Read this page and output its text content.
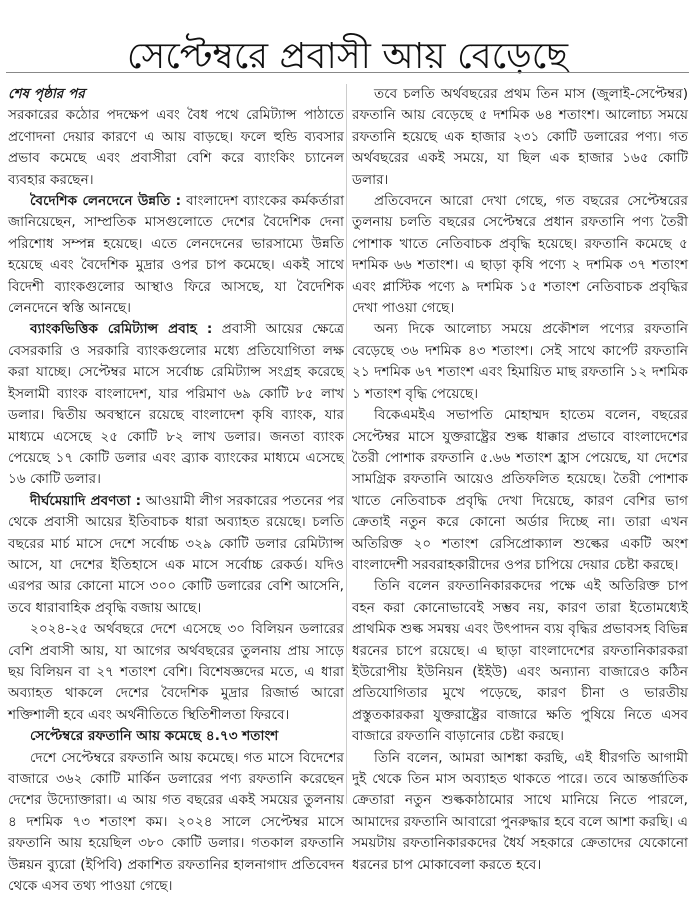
সেপ্টেম্বরে প্রবাসী আয় বেড়েছে

শেষ পৃষ্ঠার পর

সরকারের কঠোর পদক্ষেপ এবং বৈধ পথে রেমিট্যান্স পাঠাতে প্রণোদনা দেয়ার কারণে এ আয় বাড়ছে। ফলে হুন্ডি ব্যবসার প্রভাব কমেছে এবং প্রবাসীরা বেশি করে ব্যাংকিং চ্যানেল ব্যবহার করছেন।

বৈদেশিক লেনদেনে উন্নতি : বাংলাদেশ ব্যাংকের কর্মকর্তারা জানিয়েছেন, সাম্প্রতিক মাসগুলোতে দেশের বৈদেশিক দেনা পরিশোধ সম্পন্ন হয়েছে। এতে লেনদেনের ভারসাম্যে উন্নতি হয়েছে এবং বৈদেশিক মুদ্রার ওপর চাপ কমেছে। একই সাথে বিদেশী ব্যাংকগুলোর আস্থাও ফিরে আসছে, যা বৈদেশিক লেনদেনে স্বস্তি আনছে।

ব্যাংকভিত্তিক রেমিট্যান্স প্রবাহ : প্রবাসী আয়ের ক্ষেত্রে বেসরকারি ও সরকারি ব্যাংকগুলোর মধ্যে প্রতিযোগিতা লক্ষ করা যাচ্ছে। সেপ্টেম্বর মাসে সর্বোচ্চ রেমিট্যান্স সংগ্রহ করেছে ইসলামী ব্যাংক বাংলাদেশ, যার পরিমাণ ৬৯ কোটি ৮৫ লাখ ডলার। দ্বিতীয় অবস্থানে রয়েছে বাংলাদেশ কৃষি ব্যাংক, যার মাধ্যমে এসেছে ২৫ কোটি ৮২ লাখ ডলার। জনতা ব্যাংক পেয়েছে ১৭ কোটি ডলার এবং ব্র্যাক ব্যাংকের মাধ্যমে এসেছে ১৬ কোটি ডলার।

দীর্ঘমেয়াদি প্রবণতা : আওয়ামী লীগ সরকারের পতনের পর থেকে প্রবাসী আয়ের ইতিবাচক ধারা অব্যাহত রয়েছে। চলতি বছরের মার্চ মাসে দেশে সর্বোচ্চ ৩২৯ কোটি ডলার রেমিট্যান্স আসে, যা দেশের ইতিহাসে এক মাসে সর্বোচ্চ রেকর্ড। যদিও এরপর আর কোনো মাসে ৩০০ কোটি ডলারের বেশি আসেনি, তবে ধারাবাহিক প্রবৃদ্ধি বজায় আছে।

২০২৪-২৫ অর্থবছরে দেশে এসেছে ৩০ বিলিয়ন ডলারের বেশি প্রবাসী আয়, যা আগের অর্থবছরের তুলনায় প্রায় সাড়ে ছয় বিলিয়ন বা ২৭ শতাংশ বেশি। বিশেষজ্ঞদের মতে, এ ধারা অব্যাহত থাকলে দেশের বৈদেশিক মুদ্রার রিজার্ভ আরো শক্তিশালী হবে এবং অর্থনীতিতে স্থিতিশীলতা ফিরবে।

সেপ্টেম্বরে রফতানি আয় কমেছে ৪.৭৩ শতাংশ

দেশে সেপ্টেম্বরে রফতানি আয় কমেছে। গত মাসে বিদেশের বাজারে ৩৬২ কোটি মার্কিন ডলারের পণ্য রফতানি করেছেন দেশের উদ্যোক্তারা। এ আয় গত বছরের একই সময়ের তুলনায় ৪ দশমিক ৭৩ শতাংশ কম। ২০২৪ সালে সেপ্টেম্বর মাসে রফতানি আয় হয়েছিল ৩৮০ কোটি ডলার। গতকাল রফতানি উন্নয়ন ব্যুরো (ইপিবি) প্রকাশিত রফতানির হালনাগাদ প্রতিবেদন থেকে এসব তথ্য পাওয়া গেছে।

তবে চলতি অর্থবছরের প্রথম তিন মাস (জুলাই-সেপ্টেম্বর) রফতানি আয় বেড়েছে ৫ দশমিক ৬৪ শতাংশ। আলোচ্য সময়ে রফতানি হয়েছে এক হাজার ২৩১ কোটি ডলারের পণ্য। গত অর্থবছরের একই সময়ে, যা ছিল এক হাজার ১৬৫ কোটি ডলার।

প্রতিবেদনে আরো দেখা গেছে, গত বছরের সেপ্টেম্বরের তুলনায় চলতি বছরের সেপ্টেম্বরে প্রধান রফতানি পণ্য তৈরী পোশাক খাতে নেতিবাচক প্রবৃদ্ধি হয়েছে। রফতানি কমেছে ৫ দশমিক ৬৬ শতাংশ। এ ছাড়া কৃষি পণ্যে ২ দশমিক ৩৭ শতাংশ এবং প্লাস্টিক পণ্যে ৯ দশমিক ১৫ শতাংশ নেতিবাচক প্রবৃদ্ধির দেখা পাওয়া গেছে।

অন্য দিকে আলোচ্য সময়ে প্রকৌশল পণ্যের রফতানি বেড়েছে ৩৬ দশমিক ৪৩ শতাংশ। সেই সাথে কার্পেট রফতানি ২১ দশমিক ৬৭ শতাংশ এবং হিমায়িত মাছ রফতানি ১২ দশমিক ১ শতাংশ বৃদ্ধি পেয়েছে।

বিকেএমইএ সভাপতি মোহাম্মদ হাতেম বলেন, বছরের সেপ্টেম্বর মাসে যুক্তরাষ্ট্রের শুল্ক ধাক্কার প্রভাবে বাংলাদেশের তৈরী পোশাক রফতানি ৫.৬৬ শতাংশ হ্রাস পেয়েছে, যা দেশের সামগ্রিক রফতানি আয়েও প্রতিফলিত হয়েছে। তৈরী পোশাক খাতে নেতিবাচক প্রবৃদ্ধি দেখা দিয়েছে, কারণ বেশির ভাগ ক্রেতাই নতুন করে কোনো অর্ডার দিচ্ছে না। তারা এখন অতিরিক্ত ২০ শতাংশ রেসিপ্রোক্যাল শুল্কের একটি অংশ বাংলাদেশী সরবরাহকারীদের ওপর চাপিয়ে দেয়ার চেষ্টা করছে।

তিনি বলেন রফতানিকারকদের পক্ষে এই অতিরিক্ত চাপ বহন করা কোনোভাবেই সম্ভব নয়, কারণ তারা ইতোমধ্যেই প্রাথমিক শুল্ক সমন্বয় এবং উৎপাদন ব্যয় বৃদ্ধির প্রভাবসহ বিভিন্ন ধরনের চাপে রয়েছে। এ ছাড়া বাংলাদেশের রফতানিকারকরা ইউরোপীয় ইউনিয়ন (ইইউ) এবং অন্যান্য বাজারেও কঠিন প্রতিযোগিতার মুখে পড়েছে, কারণ চীনা ও ভারতীয় প্রস্তুতকারকরা যুক্তরাষ্ট্রের বাজারে ক্ষতি পুষিয়ে নিতে এসব বাজারে রফতানি বাড়ানোর চেষ্টা করছে।

তিনি বলেন, আমরা আশঙ্কা করছি, এই ধীরগতি আগামী দুই থেকে তিন মাস অব্যাহত থাকতে পারে। তবে আন্তর্জাতিক ক্রেতারা নতুন শুল্ককাঠামোর সাথে মানিয়ে নিতে পারলে, আমাদের রফতানি আবারো পুনরুদ্ধার হবে বলে আশা করছি। এ সময়টায় রফতানিকারকদের ধৈর্য সহকারে ক্রেতাদের যেকোনো ধরনের চাপ মোকাবেলা করতে হবে।
